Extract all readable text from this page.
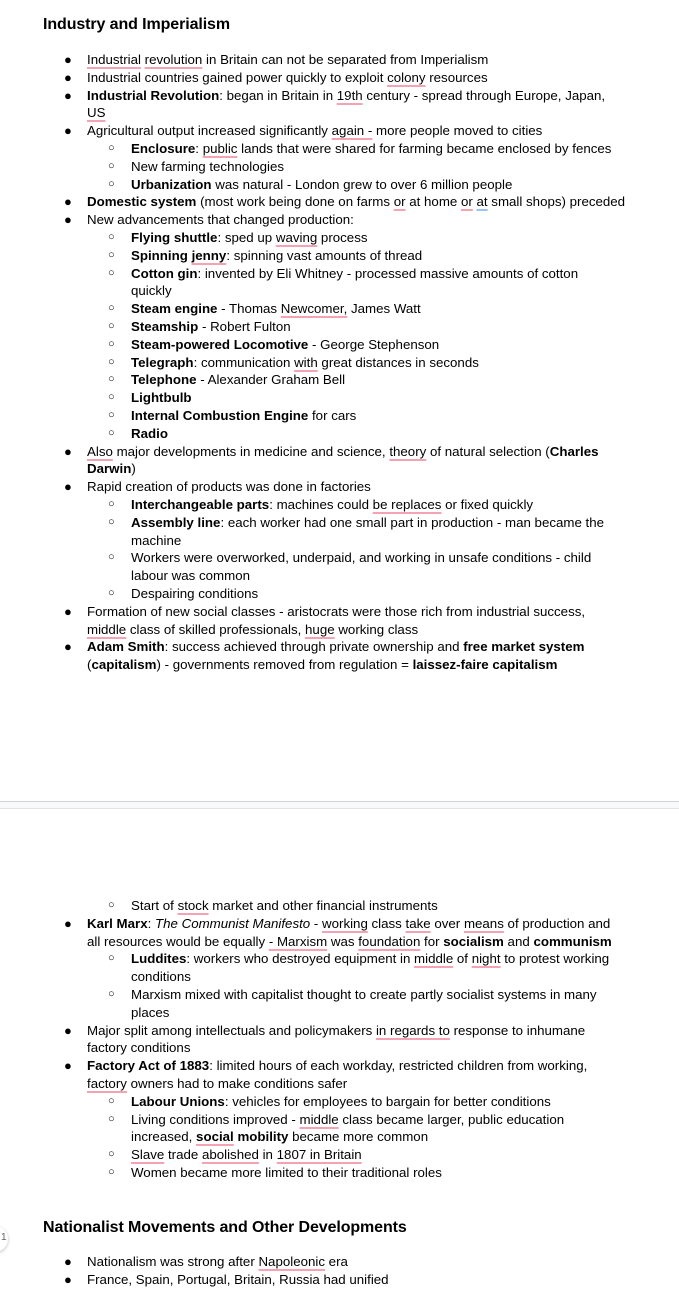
Industry and Imperialism
● Industrial revolution in Britain can not be separated from Imperialism
● Industrial countries gained power quickly to exploit colony resources
● Industrial Revolution: began in Britain in 19th century - spread through Europe, Japan, US
● Agricultural output increased significantly again - more people moved to cities
○ Enclosure: public lands that were shared for farming became enclosed by fences
○ New farming technologies
○ Urbanization was natural - London grew to over 6 million people
● Domestic system (most work being done on farms or at home or at small shops) preceded
● New advancements that changed production:
○ Flying shuttle: sped up waving process
○ Spinning jenny: spinning vast amounts of thread
○ Cotton gin: invented by Eli Whitney - processed massive amounts of cotton quickly
○ Steam engine - Thomas Newcomer, James Watt
○ Steamship - Robert Fulton
○ Steam-powered Locomotive - George Stephenson
○ Telegraph: communication with great distances in seconds
○ Telephone - Alexander Graham Bell
○ Lightbulb
○ Internal Combustion Engine for cars
○ Radio
● Also major developments in medicine and science, theory of natural selection (Charles Darwin)
● Rapid creation of products was done in factories
○ Interchangeable parts: machines could be replaces or fixed quickly
○ Assembly line: each worker had one small part in production - man became the machine
○ Workers were overworked, underpaid, and working in unsafe conditions - child labour was common
○ Despairing conditions
● Formation of new social classes - aristocrats were those rich from industrial success, middle class of skilled professionals, huge working class
● Adam Smith: success achieved through private ownership and free market system (capitalism) - governments removed from regulation = laissez-faire capitalism
○ Start of stock market and other financial instruments
● Karl Marx: The Communist Manifesto - working class take over means of production and all resources would be equally - Marxism was foundation for socialism and communism
○ Luddites: workers who destroyed equipment in middle of night to protest working conditions
○ Marxism mixed with capitalist thought to create partly socialist systems in many places
● Major split among intellectuals and policymakers in regards to response to inhumane factory conditions
● Factory Act of 1883: limited hours of each workday, restricted children from working, factory owners had to make conditions safer
○ Labour Unions: vehicles for employees to bargain for better conditions
○ Living conditions improved - middle class became larger, public education increased, social mobility became more common
○ Slave trade abolished in 1807 in Britain
○ Women became more limited to their traditional roles
Nationalist Movements and Other Developments
● Nationalism was strong after Napoleonic era
● France, Spain, Portugal, Britain, Russia had unified
1
